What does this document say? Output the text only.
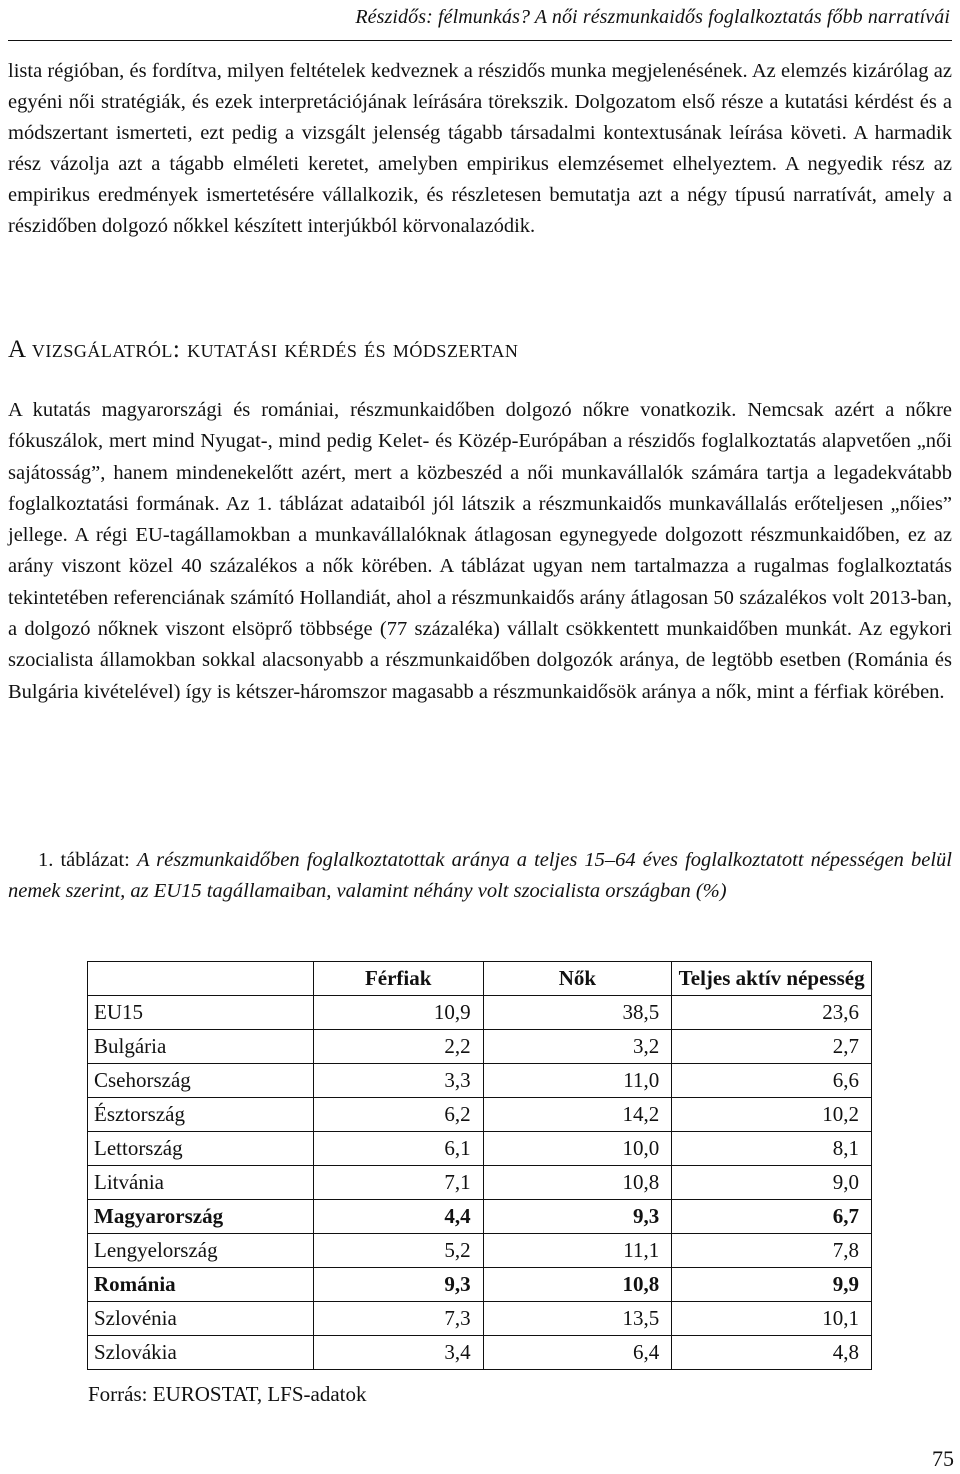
Részidős: félmunkás? A női részmunkaidős foglalkoztatás főbb narratívái

lista régióban, és fordítva, milyen feltételek kedveznek a részidős munka megjelenésének. Az elemzés kizárólag az egyéni női stratégiák, és ezek interpretációjának leírására törekszik. Dolgozatom első része a kutatási kérdést és a módszertant ismerteti, ezt pedig a vizsgált jelenség tágabb társadalmi kontextusának leírása követi. A harmadik rész vázolja azt a tágabb elméleti keretet, amelyben empirikus elemzésemet elhelyeztem. A negyedik rész az empirikus eredmények ismertetésére vállalkozik, és részletesen bemutatja azt a négy típusú narratívát, amely a részidőben dolgozó nőkkel készített interjúkból körvonalazódik.

A vizsgálatról: kutatási kérdés és módszertan

A kutatás magyarországi és romániai, részmunkaidőben dolgozó nőkre vonatkozik. Nemcsak azért a nőkre fókuszálok, mert mind Nyugat-, mind pedig Kelet- és Közép-Európában a részidős foglalkoztatás alapvetően „női sajátosság”, hanem mindenekelőtt azért, mert a közbeszéd a női munkavállalók számára tartja a legadekvátabb foglalkoztatási formának. Az 1. táblázat adataiból jól látszik a részmunkaidős munkavállalás erőteljesen „nőies” jellege. A régi EU-tagállamokban a munkavállalóknak átlagosan egynegyede dolgozott részmunkaidőben, ez az arány viszont közel 40 százalékos a nők körében. A táblázat ugyan nem tartalmazza a rugalmas foglalkoztatás tekintetében referenciának számító Hollandiát, ahol a részmunkaidős arány átlagosan 50 százalékos volt 2013-ban, a dolgozó nőknek viszont elsöprő többsége (77 százaléka) vállalt csökkentett munkaidőben munkát. Az egykori szocialista államokban sokkal alacsonyabb a részmunkaidőben dolgozók aránya, de legtöbb esetben (Románia és Bulgária kivételével) így is kétszer-háromszor magasabb a részmunkaidősök aránya a nők, mint a férfiak körében.

1. táblázat: A részmunkaidőben foglalkoztatottak aránya a teljes 15–64 éves foglalkoztatott népességen belül nemek szerint, az EU15 tagállamaiban, valamint néhány volt szocialista országban (%)

	Férfiak	Nők	Teljes aktív népesség
EU15	10,9	38,5	23,6
Bulgária	2,2	3,2	2,7
Csehország	3,3	11,0	6,6
Észtország	6,2	14,2	10,2
Lettország	6,1	10,0	8,1
Litvánia	7,1	10,8	9,0
Magyarország	4,4	9,3	6,7
Lengyelország	5,2	11,1	7,8
Románia	9,3	10,8	9,9
Szlovénia	7,3	13,5	10,1
Szlovákia	3,4	6,4	4,8
Forrás: EUROSTAT, LFS-adatok
75
